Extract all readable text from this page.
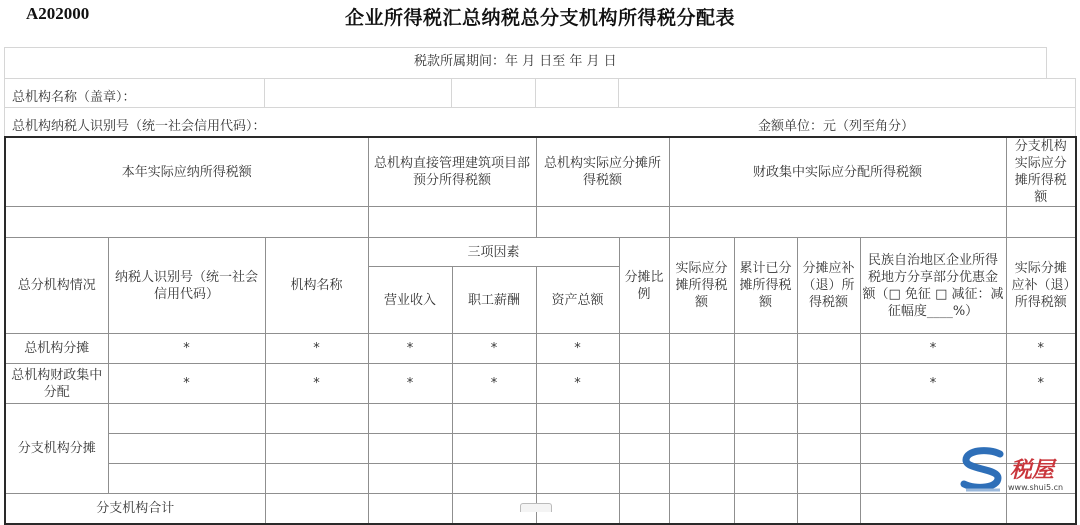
A202000	企业所得税汇总纳税总分支机构所得税分配表
税款所属期间：年 月 日至 年 月 日
总机构名称（盖章）：
总机构纳税人识别号（统一社会信用代码）：	金额单位：元（列至角分）
本年实际应纳所得税额			总机构直接管理建筑项目部预分所得税额		总机构实际应分摊所得税额		财政集中实际应分配所得税额				分支机构实际应分摊所得税额

总分机构情况	纳税人识别号（统一社会信用代码）	机构名称	三项因素			分摊比例	实际应分摊所得税额	累计已分摊所得税额	分摊应补（退）所得税额	民族自治地区企业所得税地方分享部分优惠金额（□ 免征 □ 减征：减征幅度____%）	实际分摊应补（退）所得税额
			营业收入	职工薪酬	资产总额						
总机构分摊	*	*	*	*	*					*	*
总机构财政集中分配	*	*	*	*	*					*	*
分支机构分摊											

分支机构合计											
税屋
www.shui5.cn
